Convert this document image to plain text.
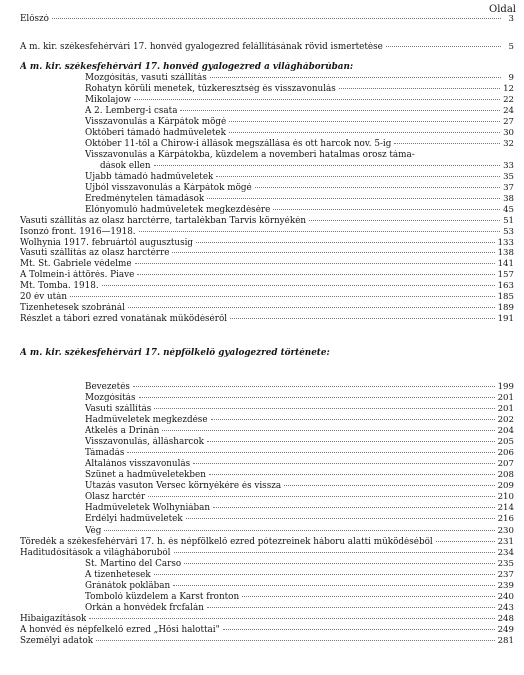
Oldal
Előszó	3
A m. kir. székesfehérvári 17. honvéd gyalogezred felállításának rövid ismertetése	5
A m. kir. székesfehérvári 17. honvéd gyalogezred a világháborúban:
Mozgósítás, vasuti szállítás	9
Rohatyn körüli menetek, tűzkeresztség és visszavonulás	12
Mikolajow	22
A 2. Lemberg-i csata	24
Visszavonulás a Kárpátok mögé	27
Októberi támadó hadműveletek	30
Október 11-től a Chirow-i állások megszállása és ott harcok nov. 5-ig	32
Visszavonulás a Kárpátokba, küzdelem a novemberi hatalmas orosz táma-
dások ellen	33
Ujabb támadó hadműveletek	35
Ujból visszavonulás a Kárpátok mögé	37
Eredménytelen támadások	38
Előnyomuló hadműveletek megkezdésére	45
Vasuti szállítás az olasz harctérre, tartalékban Tarvis környékén	51
Isonzó front. 1916—1918.	53
Wolhynia 1917. februártól augusztusig	133
Vasuti szállítás az olasz harctérre	138
Mt. St. Gabriele védelme	141
A Tolmein-i áttörés. Piave	157
Mt. Tomba. 1918.	163
20 év után	185
Tizenhetesek szobránál	189
Részlet a tábori ezred vonatának működéséről	191
A m. kir. székesfehérvári 17. népfölkelő gyalogezred története:
Bevezetés	199
Mozgósítás	201
Vasuti szállítás	201
Hadműveletek megkezdése	202
Átkelés a Drinán	204
Visszavonulás, állásharcok	205
Támadás	206
Általános visszavonulás	207
Szünet a hadműveletekben	208
Utazás vasuton Versec környékére és vissza	209
Olasz harctér	210
Hadműveletek Wolhyniában	214
Erdélyi hadműveletek	216
Vég	230
Töredék a székesfehérvári 17. h. és népfölkelő ezred pótezreinek háboru alatti működéséből	231
Haditudósítások a világháboruból	234
St. Martino del Carso	235
A tizenhetesek	237
Gránátok pokläban	239
Tomboló küzdelem a Karst fronton	240
Orkán a honvédek frcfalán	243
Hibaigazítások	248
A honvéd és népfelkelő ezred „Hősi halottai"	249
Személyi adatok	281
